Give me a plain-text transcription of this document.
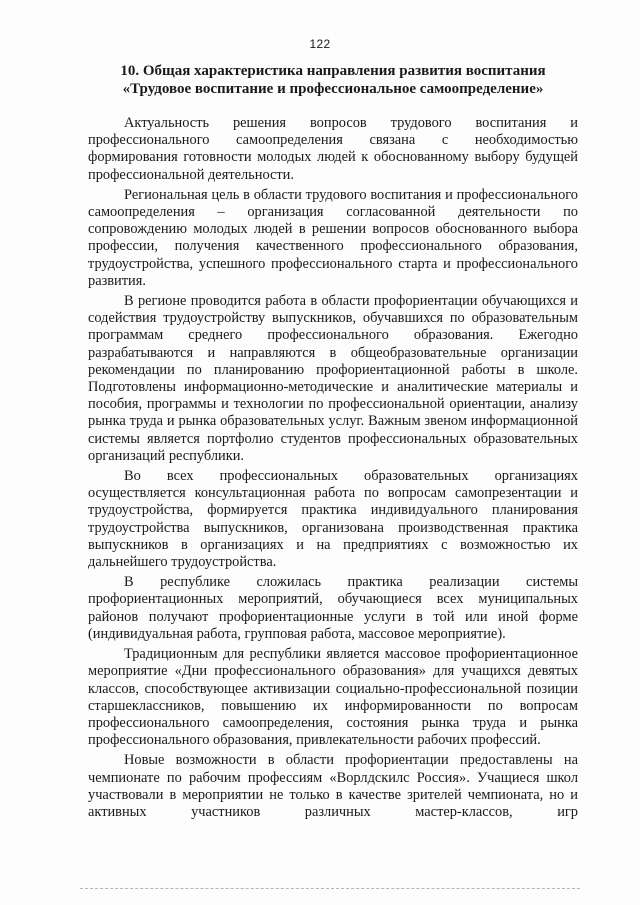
122
10. Общая характеристика направления развития воспитания
«Трудовое воспитание и профессиональное самоопределение»

Актуальность решения вопросов трудового воспитания и профессионального самоопределения связана с необходимостью формирования готовности молодых людей к обоснованному выбору будущей профессиональной деятельности.

Региональная цель в области трудового воспитания и профессионального самоопределения – организация согласованной деятельности по сопровождению молодых людей в решении вопросов обоснованного выбора профессии, получения качественного профессионального образования, трудоустройства, успешного профессионального старта и профессионального развития.

В регионе проводится работа в области профориентации обучающихся и содействия трудоустройству выпускников, обучавшихся по образовательным программам среднего профессионального образования. Ежегодно разрабатываются и направляются в общеобразовательные организации рекомендации по планированию профориентационной работы в школе. Подготовлены информационно-методические и аналитические материалы и пособия, программы и технологии по профессиональной ориентации, анализу рынка труда и рынка образовательных услуг. Важным звеном информационной системы является портфолио студентов профессиональных образовательных организаций республики.

Во всех профессиональных образовательных организациях осуществляется консультационная работа по вопросам самопрезентации и трудоустройства, формируется практика индивидуального планирования трудоустройства выпускников, организована производственная практика выпускников в организациях и на предприятиях с возможностью их дальнейшего трудоустройства.

В республике сложилась практика реализации системы профориентационных мероприятий, обучающиеся всех муниципальных районов получают профориентационные услуги в той или иной форме (индивидуальная работа, групповая работа, массовое мероприятие).

Традиционным для республики является массовое профориентационное мероприятие «Дни профессионального образования» для учащихся девятых классов, способствующее активизации социально-профессиональной позиции старшеклассников, повышению их информированности по вопросам профессионального самоопределения, состояния рынка труда и рынка профессионального образования, привлекательности рабочих профессий.

Новые возможности в области профориентации предоставлены на чемпионате по рабочим профессиям «Ворлдскилс Россия». Учащиеся школ участвовали в мероприятии не только в качестве зрителей чемпионата, но и активных участников различных мастер-классов, игр
